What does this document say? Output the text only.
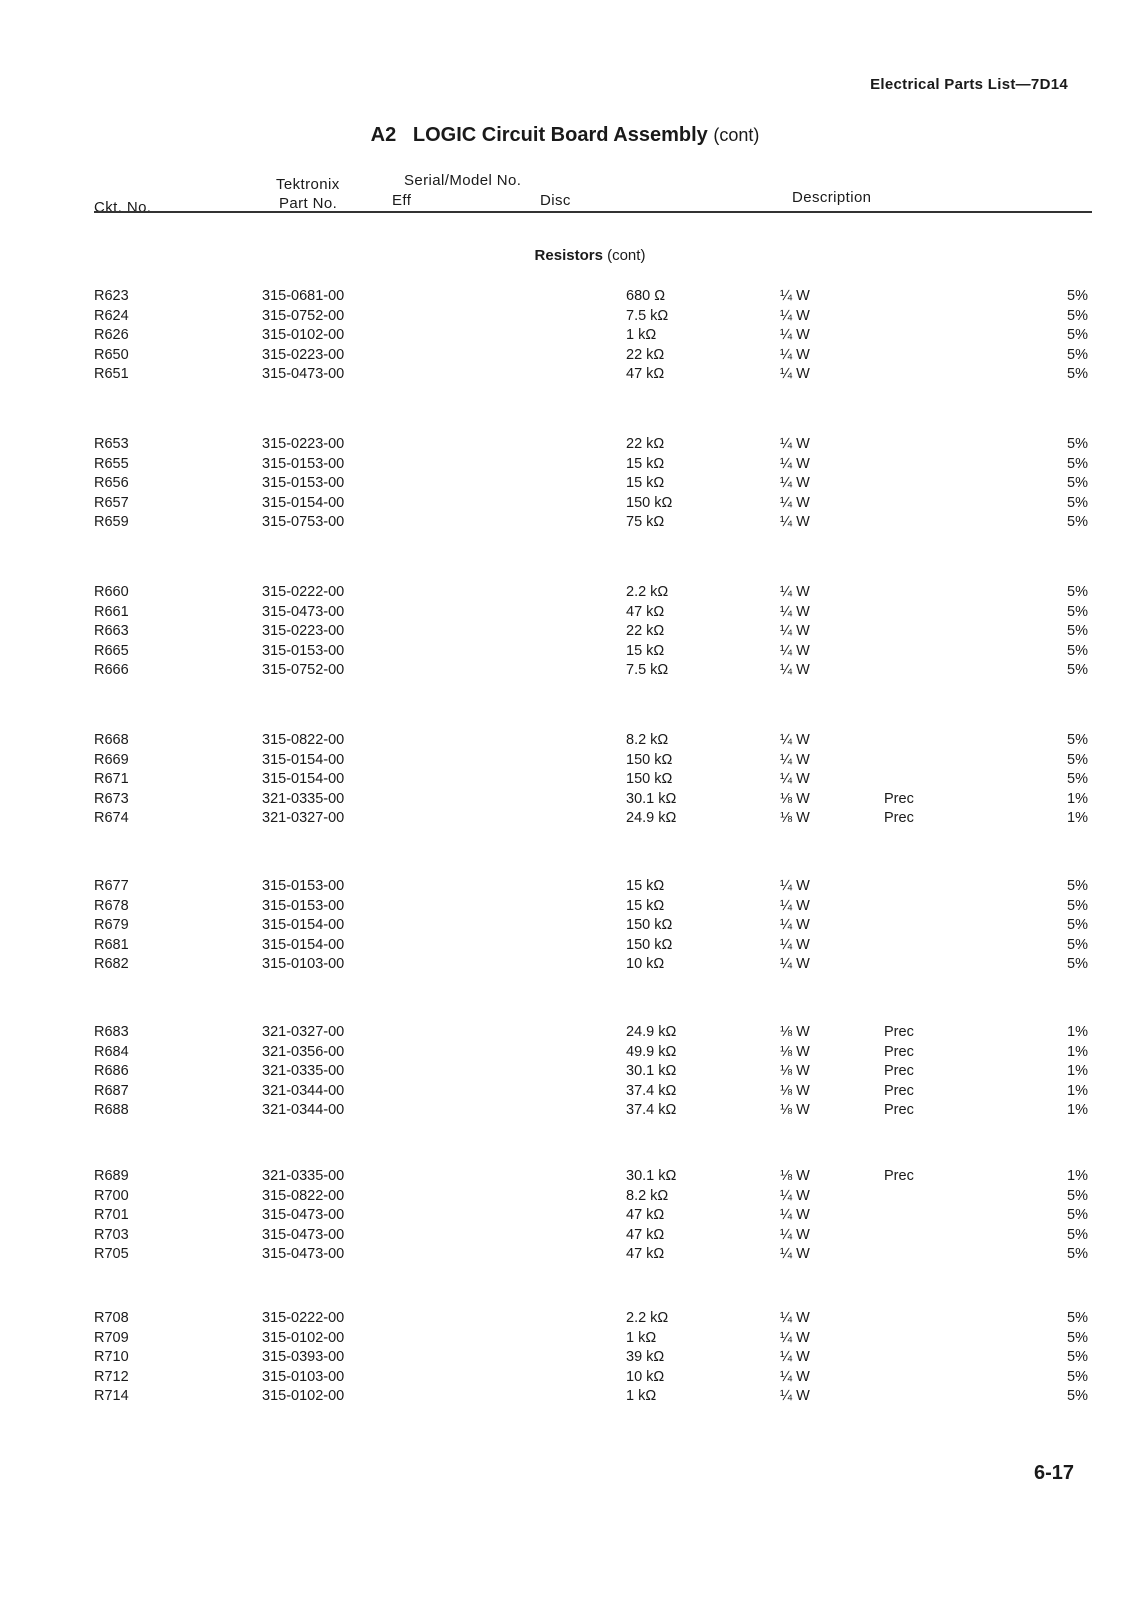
Electrical Parts List—7D14
A2 LOGIC Circuit Board Assembly (cont)
Tektronix
Part No.
Serial/Model No.
Eff	Disc
Ckt. No.
Description
Resistors (cont)
R623	315-0681-00	680 Ω	¼ W	5%
R624	315-0752-00	7.5 kΩ	¼ W	5%
R626	315-0102-00	1 kΩ	¼ W	5%
R650	315-0223-00	22 kΩ	¼ W	5%
R651	315-0473-00	47 kΩ	¼ W	5%
R653	315-0223-00	22 kΩ	¼ W	5%
R655	315-0153-00	15 kΩ	¼ W	5%
R656	315-0153-00	15 kΩ	¼ W	5%
R657	315-0154-00	150 kΩ	¼ W	5%
R659	315-0753-00	75 kΩ	¼ W	5%
R660	315-0222-00	2.2 kΩ	¼ W	5%
R661	315-0473-00	47 kΩ	¼ W	5%
R663	315-0223-00	22 kΩ	¼ W	5%
R665	315-0153-00	15 kΩ	¼ W	5%
R666	315-0752-00	7.5 kΩ	¼ W	5%
R668	315-0822-00	8.2 kΩ	¼ W	5%
R669	315-0154-00	150 kΩ	¼ W	5%
R671	315-0154-00	150 kΩ	¼ W	5%
R673	321-0335-00	30.1 kΩ	⅛ W	Prec	1%
R674	321-0327-00	24.9 kΩ	⅛ W	Prec	1%
R677	315-0153-00	15 kΩ	¼ W	5%
R678	315-0153-00	15 kΩ	¼ W	5%
R679	315-0154-00	150 kΩ	¼ W	5%
R681	315-0154-00	150 kΩ	¼ W	5%
R682	315-0103-00	10 kΩ	¼ W	5%
R683	321-0327-00	24.9 kΩ	⅛ W	Prec	1%
R684	321-0356-00	49.9 kΩ	⅛ W	Prec	1%
R686	321-0335-00	30.1 kΩ	⅛ W	Prec	1%
R687	321-0344-00	37.4 kΩ	⅛ W	Prec	1%
R688	321-0344-00	37.4 kΩ	⅛ W	Prec	1%
R689	321-0335-00	30.1 kΩ	⅛ W	Prec	1%
R700	315-0822-00	8.2 kΩ	¼ W	5%
R701	315-0473-00	47 kΩ	¼ W	5%
R703	315-0473-00	47 kΩ	¼ W	5%
R705	315-0473-00	47 kΩ	¼ W	5%
R708	315-0222-00	2.2 kΩ	¼ W	5%
R709	315-0102-00	1 kΩ	¼ W	5%
R710	315-0393-00	39 kΩ	¼ W	5%
R712	315-0103-00	10 kΩ	¼ W	5%
R714	315-0102-00	1 kΩ	¼ W	5%
6-17
